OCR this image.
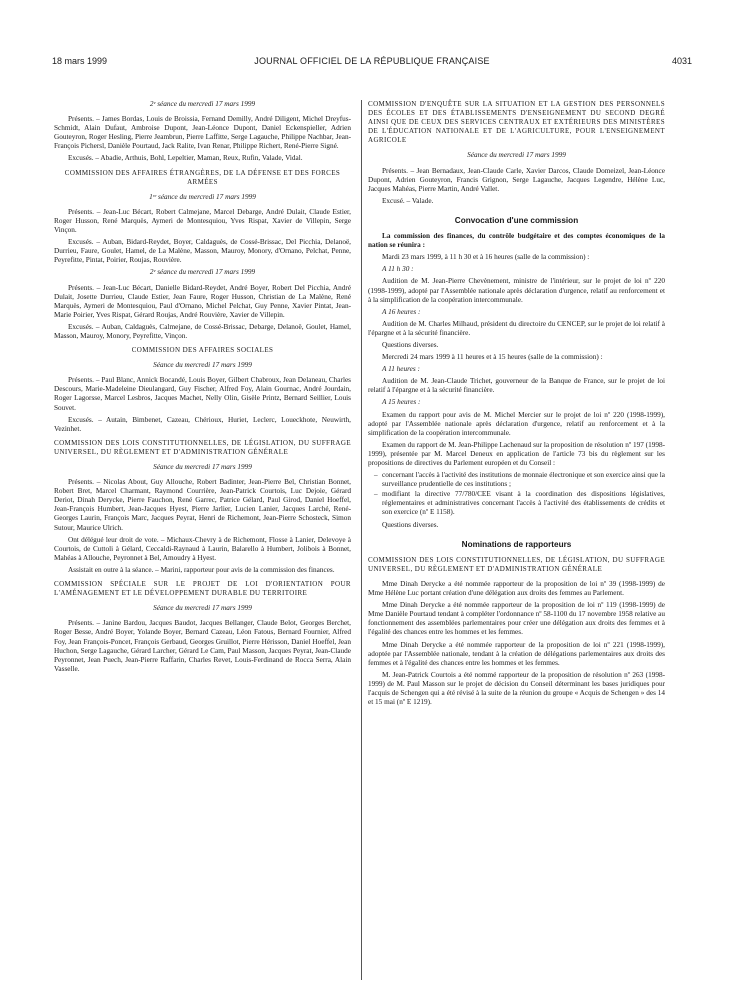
18 mars 1999	JOURNAL OFFICIEL DE LA RÉPUBLIQUE FRANÇAISE	4031
2ᵉ séance du mercredi 17 mars 1999

Présents. – James Bordas, Louis de Broissia, Fernand Demilly, André Diligent, Michel Dreyfus-Schmidt, Alain Dufaut, Ambroise Dupont, Jean-Léonce Dupont, Daniel Eckenspieller, Adrien Gouteyron, Roger Hesling, Pierre Jeambrun, Pierre Laffitte, Serge Lagauche, Philippe Nachbar, Jean-François Pichersl, Danièle Pourtaud, Jack Ralite, Ivan Renar, Philippe Richert, René-Pierre Signé.

Excusés. – Abadie, Arthuis, Bohl, Lepeltier, Maman, Reux, Rufin, Valade, Vidal.

COMMISSION DES AFFAIRES ÉTRANGÈRES, DE LA DÉFENSE ET DES FORCES ARMÉES
1ʳᵉ séance du mercredi 17 mars 1999

Présents. – Jean-Luc Bécart, Robert Calmejane, Marcel Debarge, André Dulait, Claude Estier, Roger Husson, René Marquès, Aymeri de Montesquiou, Yves Rispat, Xavier de Villepin, Serge Vinçon.

Excusés. – Auban, Bidard-Reydet, Boyer, Caldaguès, de Cossé-Brissac, Del Picchia, Delanoë, Durrieu, Faure, Goulet, Hamel, de La Malène, Masson, Mauroy, Monory, d'Ornano, Pelchat, Penne, Peyrefitte, Pintat, Poirier, Roujas, Rouvière.

2ᵉ séance du mercredi 17 mars 1999

Présents. – Jean-Luc Bécart, Danielle Bidard-Reydet, André Boyer, Robert Del Picchia, André Dulait, Josette Durrieu, Claude Estier, Jean Faure, Roger Husson, Christian de La Malène, René Marquès, Aymeri de Montesquiou, Paul d'Ornano, Michel Pelchat, Guy Penne, Xavier Pintat, Jean-Marie Poirier, Yves Rispat, Gérard Roujas, André Rouvière, Xavier de Villepin.

Excusés. – Auban, Caldaguès, Calmejane, de Cossé-Brissac, Debarge, Delanoë, Goulet, Hamel, Masson, Mauroy, Monory, Peyrefitte, Vinçon.

COMMISSION DES AFFAIRES SOCIALES
Séance du mercredi 17 mars 1999

Présents. – Paul Blanc, Annick Bocandé, Louis Boyer, Gilbert Chabroux, Jean Delaneau, Charles Descours, Marie-Madeleine Dieulangard, Guy Fischer, Alfred Foy, Alain Gournac, André Jourdain, Roger Lagorsse, Marcel Lesbros, Jacques Machet, Nelly Olin, Gisèle Printz, Bernard Seillier, Louis Souvet.

Excusés. – Autain, Bimbenet, Cazeau, Chérioux, Huriet, Leclerc, Loueckhote, Neuwirth, Vezinhet.

COMMISSION DES LOIS CONSTITUTIONNELLES, DE LÉGISLATION, DU SUFFRAGE UNIVERSEL, DU RÈGLEMENT ET D'ADMINISTRATION GÉNÉRALE
Séance du mercredi 17 mars 1999

Présents. – Nicolas About, Guy Allouche, Robert Badinter, Jean-Pierre Bel, Christian Bonnet, Robert Bret, Marcel Charmant, Raymond Courrière, Jean-Patrick Courtois, Luc Dejoie, Gérard Deriot, Dinah Derycke, Pierre Fauchon, René Garrec, Patrice Gélard, Paul Girod, Daniel Hoeffel, Jean-François Humbert, Jean-Jacques Hyest, Pierre Jarlier, Lucien Lanier, Jacques Larché, René-Georges Laurin, François Marc, Jacques Peyrat, Henri de Richemont, Jean-Pierre Schosteck, Simon Sutour, Maurice Ulrich.

Ont délégué leur droit de vote. – Michaux-Chevry à de Richemont, Flosse à Lanier, Delevoye à Courtois, de Cuttoli à Gélard, Ceccaldi-Raynaud à Laurin, Balarello à Humbert, Jolibois à Bonnet, Mahéas à Allouche, Peyronnet à Bel, Amoudry à Hyest.

Assistait en outre à la séance. – Marini, rapporteur pour avis de la commission des finances.

COMMISSION SPÉCIALE SUR LE PROJET DE LOI D'ORIENTATION POUR L'AMÉNAGEMENT ET LE DÉVELOPPEMENT DURABLE DU TERRITOIRE
Séance du mercredi 17 mars 1999

Présents. – Janine Bardou, Jacques Baudot, Jacques Bellanger, Claude Belot, Georges Berchet, Roger Besse, André Boyer, Yolande Boyer, Bernard Cazeau, Léon Fatous, Bernard Fournier, Alfred Foy, Jean François-Poncet, François Gerbaud, Georges Gruillot, Pierre Hérisson, Daniel Hoeffel, Jean Huchon, Serge Lagauche, Gérard Larcher, Gérard Le Cam, Paul Masson, Jacques Peyrat, Jean-Claude Peyronnet, Jean Puech, Jean-Pierre Raffarin, Charles Revet, Louis-Ferdinand de Rocca Serra, Alain Vasselle.

COMMISSION D'ENQUÊTE SUR LA SITUATION ET LA GESTION DES PERSONNELS DES ÉCOLES ET DES ÉTABLISSEMENTS D'ENSEIGNEMENT DU SECOND DEGRÉ AINSI QUE DE CEUX DES SERVICES CENTRAUX ET EXTÉRIEURS DES MINISTÈRES DE L'ÉDUCATION NATIONALE ET DE L'AGRICULTURE, POUR L'ENSEIGNEMENT AGRICOLE
Séance du mercredi 17 mars 1999

Présents. – Jean Bernadaux, Jean-Claude Carle, Xavier Darcos, Claude Domeizel, Jean-Léonce Dupont, Adrien Gouteyron, Francis Grignon, Serge Lagauche, Jacques Legendre, Hélène Luc, Jacques Mahéas, Pierre Martin, André Vallet.

Excusé. – Valade.

Convocation d'une commission

La commission des finances, du contrôle budgétaire et des comptes économiques de la nation se réunira :

Mardi 23 mars 1999, à 11 h 30 et à 16 heures (salle de la commission) :

A 11 h 30 :

Audition de M. Jean-Pierre Chevènement, ministre de l'intérieur, sur le projet de loi nº 220 (1998-1999), adopté par l'Assemblée nationale après déclaration d'urgence, relatif au renforcement et à la simplification de la coopération intercommunale.

A 16 heures :

Audition de M. Charles Milhaud, président du directoire du CENCEP, sur le projet de loi relatif à l'épargne et à la sécurité financière.

Questions diverses.

Mercredi 24 mars 1999 à 11 heures et à 15 heures (salle de la commission) :

A 11 heures :

Audition de M. Jean-Claude Trichet, gouverneur de la Banque de France, sur le projet de loi relatif à l'épargne et à la sécurité financière.

A 15 heures :

Examen du rapport pour avis de M. Michel Mercier sur le projet de loi nº 220 (1998-1999), adopté par l'Assemblée nationale après déclaration d'urgence, relatif au renforcement et à la simplification de la coopération intercommunale.

Examen du rapport de M. Jean-Philippe Lachenaud sur la proposition de résolution nº 197 (1998-1999), présentée par M. Marcel Deneux en application de l'article 73 bis du règlement sur les propositions de directives du Parlement européen et du Conseil :

– concernant l'accès à l'activité des institutions de monnaie électronique et son exercice ainsi que la surveillance prudentielle de ces institutions ;
– modifiant la directive 77/780/CEE visant à la coordination des dispositions législatives, réglementaires et administratives concernant l'accès à l'activité des établissements de crédits et son exercice (nº E 1158).

Questions diverses.

Nominations de rapporteurs
COMMISSION DES LOIS CONSTITUTIONNELLES, DE LÉGISLATION, DU SUFFRAGE UNIVERSEL, DU RÈGLEMENT ET D'ADMINISTRATION GÉNÉRALE

Mme Dinah Derycke a été nommée rapporteur de la proposition de loi nº 39 (1998-1999) de Mme Hélène Luc portant création d'une délégation aux droits des femmes au Parlement.

Mme Dinah Derycke a été nommée rapporteur de la proposition de loi nº 119 (1998-1999) de Mme Danièle Pourtaud tendant à compléter l'ordonnance nº 58-1100 du 17 novembre 1958 relative au fonctionnement des assemblées parlementaires pour créer une délégation aux droits des femmes et à l'égalité des chances entre les hommes et les femmes.

Mme Dinah Derycke a été nommée rapporteur de la proposition de loi nº 221 (1998-1999), adoptée par l'Assemblée nationale, tendant à la création de délégations parlementaires aux droits des femmes et à l'égalité des chances entre les hommes et les femmes.

M. Jean-Patrick Courtois a été nommé rapporteur de la proposition de résolution nº 263 (1998-1999) de M. Paul Masson sur le projet de décision du Conseil déterminant les bases juridiques pour l'acquis de Schengen qui a été révisé à la suite de la réunion du groupe « Acquis de Schengen » des 14 et 15 mai (nº E 1219).
